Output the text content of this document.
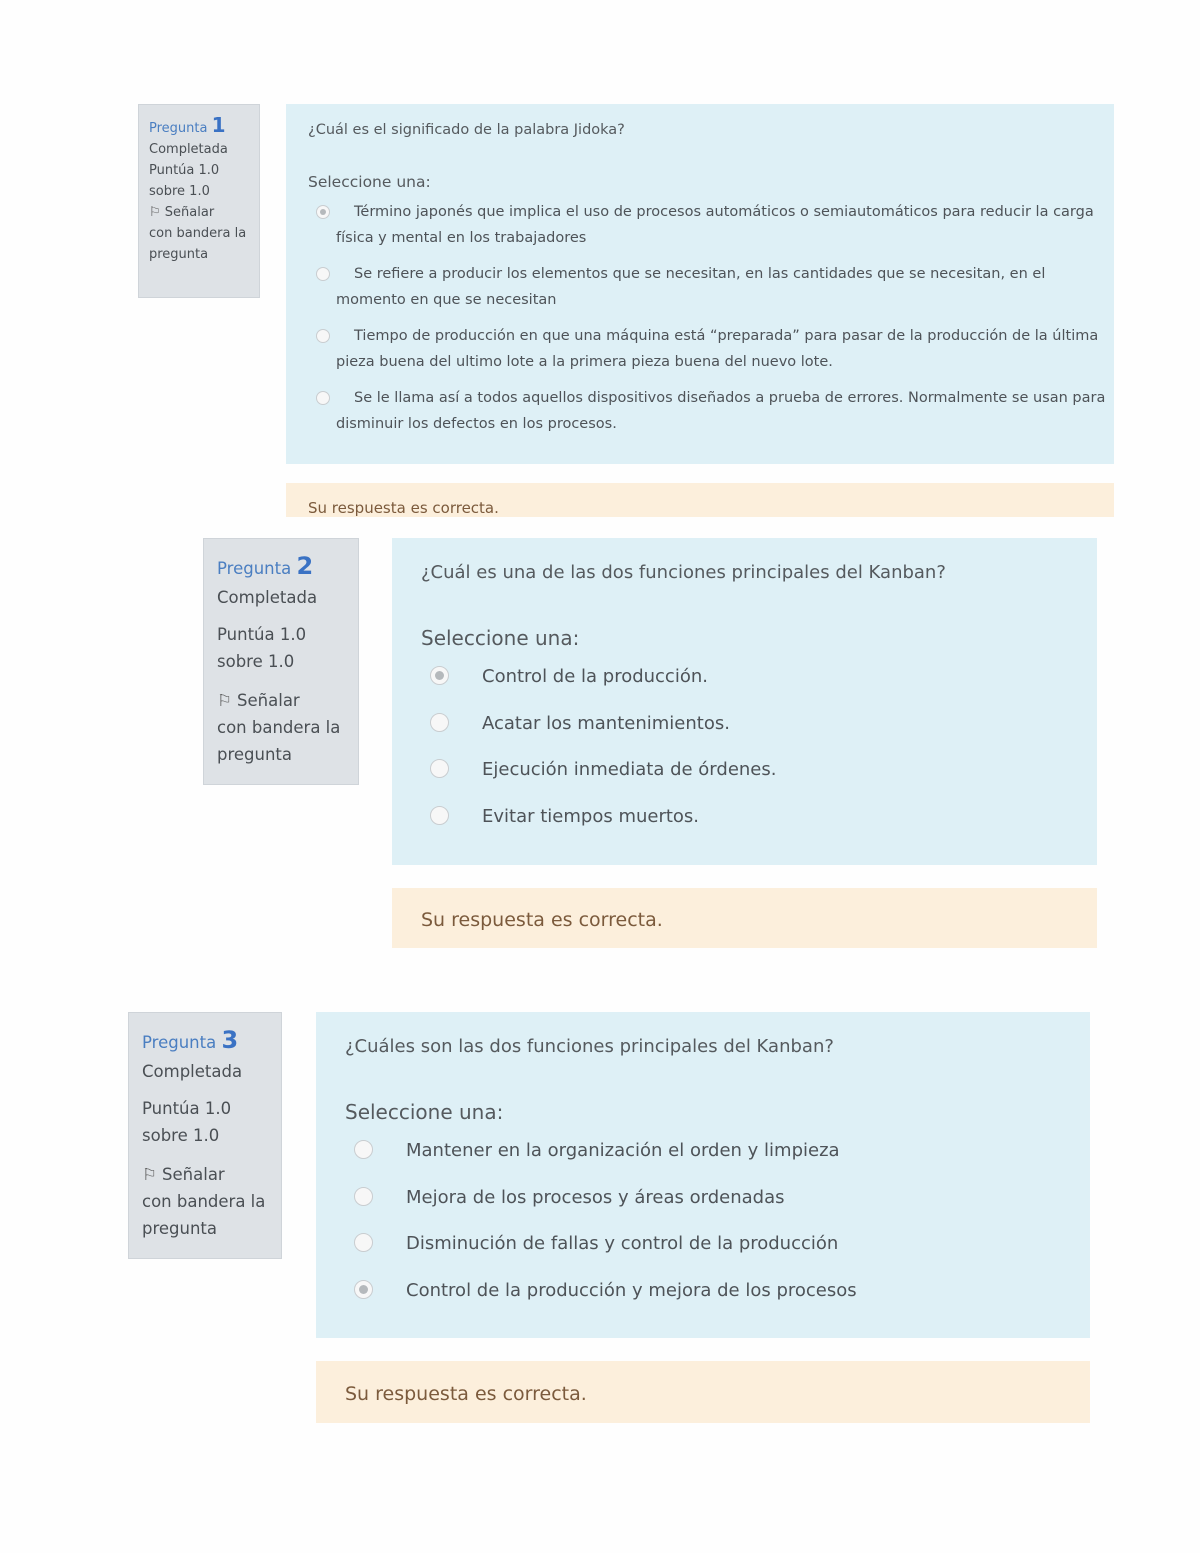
Pregunta 1
Completada
Puntúa 1.0
sobre 1.0
⚐ Señalar
con bandera la
pregunta
¿Cuál es el significado de la palabra Jidoka?
Seleccione una:
Término japonés que implica el uso de procesos automáticos o semiautomáticos para reducir la carga física y mental en los trabajadores
Se refiere a producir los elementos que se necesitan, en las cantidades que se necesitan, en el momento en que se necesitan
Tiempo de producción en que una máquina está “preparada” para pasar de la producción de la última pieza buena del ultimo lote a la primera pieza buena del nuevo lote.
Se le llama así a todos aquellos dispositivos diseñados a prueba de errores. Normalmente se usan para disminuir los defectos en los procesos.
Su respuesta es correcta.
Pregunta 2
Completada
Puntúa 1.0
sobre 1.0
⚐ Señalar
con bandera la
pregunta
¿Cuál es una de las dos funciones principales del Kanban?
Seleccione una:
Control de la producción.
Acatar los mantenimientos.
Ejecución inmediata de órdenes.
Evitar tiempos muertos.
Su respuesta es correcta.
Pregunta 3
Completada
Puntúa 1.0
sobre 1.0
⚐ Señalar
con bandera la
pregunta
¿Cuáles son las dos funciones principales del Kanban?
Seleccione una:
Mantener en la organización el orden y limpieza
Mejora de los procesos y áreas ordenadas
Disminución de fallas y control de la producción
Control de la producción y mejora de los procesos
Su respuesta es correcta.
